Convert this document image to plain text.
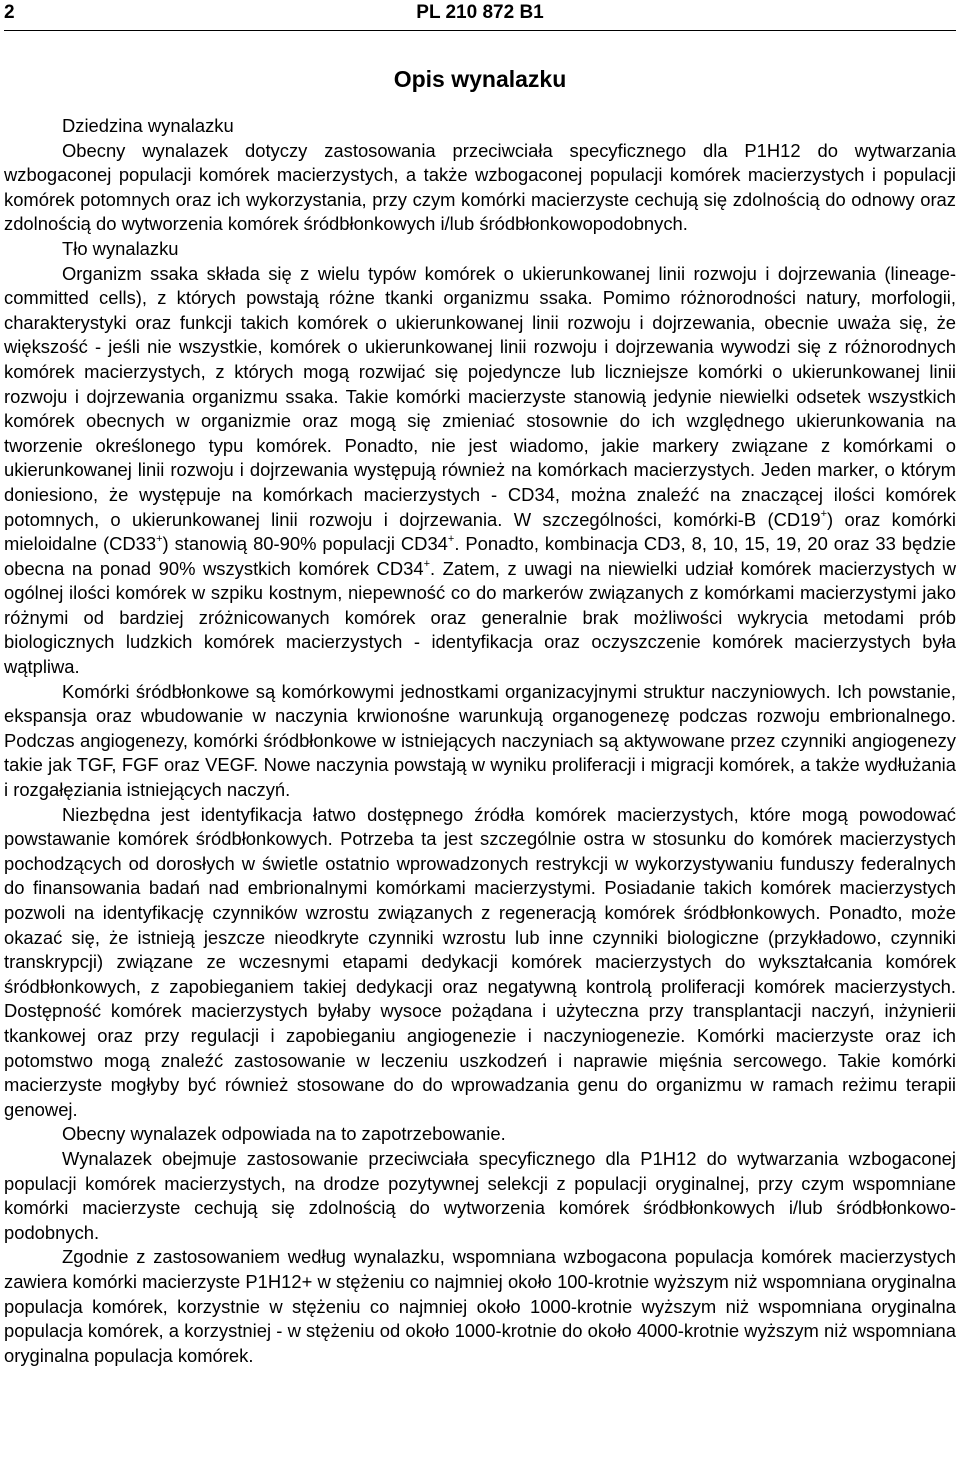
2	PL 210 872 B1
Opis wynalazku

Dziedzina wynalazku

Obecny wynalazek dotyczy zastosowania przeciwciała specyficznego dla P1H12 do wytwarzania wzbogaconej populacji komórek macierzystych, a także wzbogaconej populacji komórek macierzystych i populacji komórek potomnych oraz ich wykorzystania, przy czym komórki macierzyste cechują się zdolnością do odnowy oraz zdolnością do wytworzenia komórek śródbłonkowych i/lub śródbłonkowopodobnych.

Tło wynalazku

Organizm ssaka składa się z wielu typów komórek o ukierunkowanej linii rozwoju i dojrzewania (lineage-committed cells), z których powstają różne tkanki organizmu ssaka. Pomimo różnorodności natury, morfologii, charakterystyki oraz funkcji takich komórek o ukierunkowanej linii rozwoju i dojrzewania, obecnie uważa się, że większość - jeśli nie wszystkie, komórek o ukierunkowanej linii rozwoju i dojrzewania wywodzi się z różnorodnych komórek macierzystych, z których mogą rozwijać się pojedyncze lub liczniejsze komórki o ukierunkowanej linii rozwoju i dojrzewania organizmu ssaka. Takie komórki macierzyste stanowią jedynie niewielki odsetek wszystkich komórek obecnych w organizmie oraz mogą się zmieniać stosownie do ich względnego ukierunkowania na tworzenie określonego typu komórek. Ponadto, nie jest wiadomo, jakie markery związane z komórkami o ukierunkowanej linii rozwoju i dojrzewania występują również na komórkach macierzystych. Jeden marker, o którym doniesiono, że występuje na komórkach macierzystych - CD34, można znaleźć na znaczącej ilości komórek potomnych, o ukierunkowanej linii rozwoju i dojrzewania. W szczególności, komórki-B (CD19+) oraz komórki mieloidalne (CD33+) stanowią 80-90% populacji CD34+. Ponadto, kombinacja CD3, 8, 10, 15, 19, 20 oraz 33 będzie obecna na ponad 90% wszystkich komórek CD34+. Zatem, z uwagi na niewielki udział komórek macierzystych w ogólnej ilości komórek w szpiku kostnym, niepewność co do markerów związanych z komórkami macierzystymi jako różnymi od bardziej zróżnicowanych komórek oraz generalnie brak możliwości wykrycia metodami prób biologicznych ludzkich komórek macierzystych - identyfikacja oraz oczyszczenie komórek macierzystych była wątpliwa.

Komórki śródbłonkowe są komórkowymi jednostkami organizacyjnymi struktur naczyniowych. Ich powstanie, ekspansja oraz wbudowanie w naczynia krwionośne warunkują organogenezę podczas rozwoju embrionalnego. Podczas angiogenezy, komórki śródbłonkowe w istniejących naczyniach są aktywowane przez czynniki angiogenezy takie jak TGF, FGF oraz VEGF. Nowe naczynia powstają w wyniku proliferacji i migracji komórek, a także wydłużania i rozgałęziania istniejących naczyń.

Niezbędna jest identyfikacja łatwo dostępnego źródła komórek macierzystych, które mogą powodować powstawanie komórek śródbłonkowych. Potrzeba ta jest szczególnie ostra w stosunku do komórek macierzystych pochodzących od dorosłych w świetle ostatnio wprowadzonych restrykcji w wykorzystywaniu funduszy federalnych do finansowania badań nad embrionalnymi komórkami macierzystymi. Posiadanie takich komórek macierzystych pozwoli na identyfikację czynników wzrostu związanych z regeneracją komórek śródbłonkowych. Ponadto, może okazać się, że istnieją jeszcze nieodkryte czynniki wzrostu lub inne czynniki biologiczne (przykładowo, czynniki transkrypcji) związane ze wczesnymi etapami dedykacji komórek macierzystych do wykształcania komórek śródbłonkowych, z zapobieganiem takiej dedykacji oraz negatywną kontrolą proliferacji komórek macierzystych. Dostępność komórek macierzystych byłaby wysoce pożądana i użyteczna przy transplantacji naczyń, inżynierii tkankowej oraz przy regulacji i zapobieganiu angiogenezie i naczyniogenezie. Komórki macierzyste oraz ich potomstwo mogą znaleźć zastosowanie w leczeniu uszkodzeń i naprawie mięśnia sercowego. Takie komórki macierzyste mogłyby być również stosowane do do wprowadzania genu do organizmu w ramach reżimu terapii genowej.

Obecny wynalazek odpowiada na to zapotrzebowanie.

Wynalazek obejmuje zastosowanie przeciwciała specyficznego dla P1H12 do wytwarzania wzbogaconej populacji komórek macierzystych, na drodze pozytywnej selekcji z populacji oryginalnej, przy czym wspomniane komórki macierzyste cechują się zdolnością do wytworzenia komórek śródbłonkowych i/lub śródbłonkowo-podobnych.

Zgodnie z zastosowaniem według wynalazku, wspomniana wzbogacona populacja komórek macierzystych zawiera komórki macierzyste P1H12+ w stężeniu co najmniej około 100-krotnie wyższym niż wspomniana oryginalna populacja komórek, korzystnie w stężeniu co najmniej około 1000-krotnie wyższym niż wspomniana oryginalna populacja komórek, a korzystniej - w stężeniu od około 1000-krotnie do około 4000-krotnie wyższym niż wspomniana oryginalna populacja komórek.
